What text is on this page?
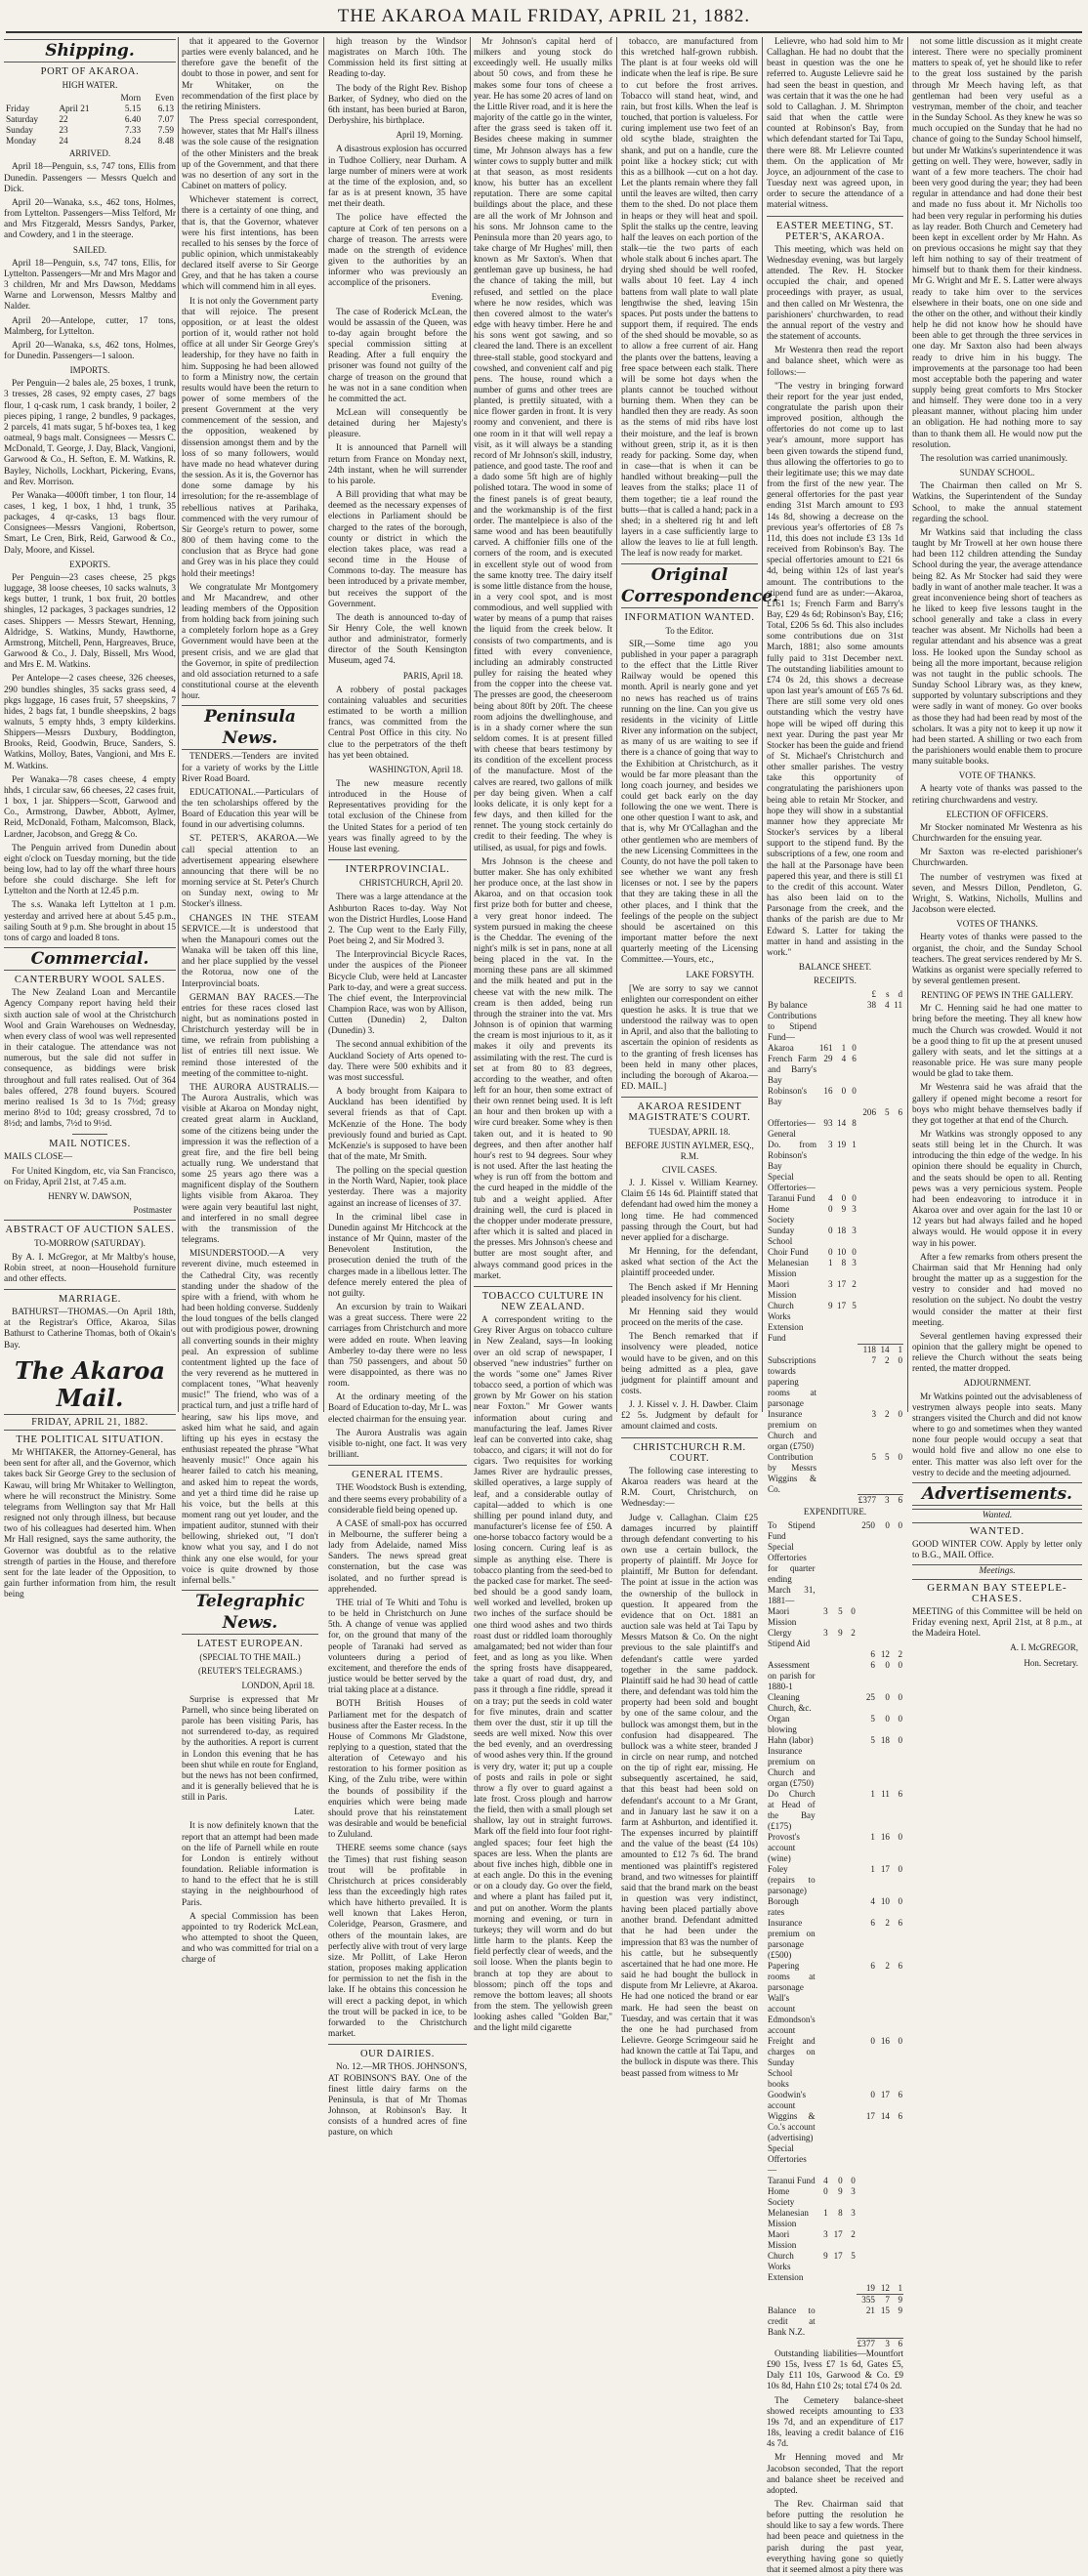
THE AKAROA MAIL FRIDAY, APRIL 21, 1882.
Shipping.
PORT OF AKAROA.
HIGH WATER.
		Morn	Even
Friday	April 21	5.15	6.13
Saturday	22	6.40	7.07
Sunday	23	7.33	7.59
Monday	24	8.24	8.48
ARRIVED.

April 18—Penguin, s.s, 747 tons, Ellis from Dunedin. Passengers — Messrs Quelch and Dick.

April 20—Wanaka, s.s., 462 tons, Holmes, from Lyttelton. Passengers—Miss Telford, Mr and Mrs Fitzgerald, Messrs Sandys, Parker, and Cowdery, and 1 in the steerage.

SAILED.

April 18—Penguin, s.s, 747 tons, Ellis, for Lyttelton. Passengers—Mr and Mrs Magor and 3 children, Mr and Mrs Dawson, Meddams Warne and Lorwenson, Messrs Maltby and Nalder.

April 20—Antelope, cutter, 17 tons, Malmberg, for Lyttelton.

April 20—Wanaka, s.s, 462 tons, Holmes, for Dunedin. Passengers—1 saloon.

IMPORTS.

Per Penguin—2 bales ale, 25 boxes, 1 trunk, 3 tresses, 28 cases, 92 empty cases, 27 bags flour, 1 q-cask rum, 1 cask brandy, 1 boiler, 2 pieces piping, 1 range, 2 bundles, 9 packages, 2 parcels, 41 mats sugar, 5 hf-boxes tea, 1 keg oatmeal, 9 bags malt. Consignees — Messrs C. McDonald, T. George, J. Day, Black, Vangioni, Garwood & Co., H. Sefton, E. M. Watkins, R. Bayley, Nicholls, Lockhart, Pickering, Evans, and Rev. Morrison.

Per Wanaka—4000ft timber, 1 ton flour, 14 cases, 1 keg, 1 box, 1 hhd, 1 trunk, 35 packages, 4 qr-casks, 13 bags flour. Consignees—Messrs Vangioni, Robertson, Smart, Le Cren, Birk, Reid, Garwood & Co., Daly, Moore, and Kissel.

EXPORTS.

Per Penguin—23 cases cheese, 25 pkgs luggage, 38 loose cheeses, 10 sacks walnuts, 3 kegs butter, 1 trunk, 1 box fruit, 20 bottles shingles, 12 packages, 3 packages sundries, 12 cases. Shippers — Messrs Stewart, Henning, Aldridge, S. Watkins, Mundy, Hawthorne, Armstrong, Mitchell, Penn, Hargreaves, Bruce, Garwood & Co., J. Daly, Bissell, Mrs Wood, and Mrs E. M. Watkins.

Per Antelope—2 cases cheese, 326 cheeses, 290 bundles shingles, 35 sacks grass seed, 4 pkgs luggage, 16 cases fruit, 57 sheepskins, 7 hides, 2 bags fat, 1 bundle sheepskins, 2 bags walnuts, 5 empty hhds, 3 empty kilderkins. Shippers—Messrs Duxbury, Boddington, Brooks, Reid, Goodwin, Bruce, Sanders, S. Watkins, Molloy, Bates, Vangioni, and Mrs E. M. Watkins.

Per Wanaka—78 cases cheese, 4 empty hhds, 1 circular saw, 66 cheeses, 22 cases fruit, 1 box, 1 jar. Shippers—Scott, Garwood and Co., Armstrong, Dawber, Abbott, Aylmer, Reid, McDonald, Fotham, Malcomson, Black, Lardner, Jacobson, and Gregg & Co.

The Penguin arrived from Dunedin about eight o'clock on Tuesday morning, but the tide being low, had to lay off the wharf three hours before she could discharge. She left for Lyttelton and the North at 12.45 p.m.

The s.s. Wanaka left Lyttelton at 1 p.m. yesterday and arrived here at about 5.45 p.m., sailing South at 9 p.m. She brought in about 15 tons of cargo and loaded 8 tons.

Commercial.
CANTERBURY WOOL SALES.

The New Zealand Loan and Mercantile Agency Company report having held their sixth auction sale of wool at the Christchurch Wool and Grain Warehouses on Wednesday, when every class of wool was well represented in their catalogue. The attendance was not numerous, but the sale did not suffer in consequence, as biddings were brisk throughout and full rates realised. Out of 364 bales offered, 278 found buyers. Scoured merino realised 1s 3d to 1s 7½d; greasy merino 8½d to 10d; greasy crossbred, 7d to 8½d; and lambs, 7½d to 9½d.

MAIL NOTICES.

MAILS CLOSE—

For United Kingdom, etc, via San Francisco, on Friday, April 21st, at 7.45 a.m.

HENRY W. DAWSON,
Postmaster
ABSTRACT OF AUCTION SALES.
TO-MORROW (SATURDAY).

By A. I. McGregor, at Mr Maltby's house, Robin street, at noon—Household furniture and other effects.

MARRIAGE.

BATHURST—THOMAS.—On April 18th, at the Registrar's Office, Akaroa, Silas Bathurst to Catherine Thomas, both of Okain's Bay.

The Akaroa Mail.
FRIDAY, APRIL 21, 1882.
THE POLITICAL SITUATION.

Mr WHITAKER, the Attorney-General, has been sent for after all, and the Governor, which takes back Sir George Grey to the seclusion of Kawau, will bring Mr Whitaker to Wellington, where he will reconstruct the Ministry. Some telegrams from Wellington say that Mr Hall resigned not only through illness, but because two of his colleagues had deserted him. When Mr Hall resigned, says the same authority, the Governor was doubtful as to the relative strength of parties in the House, and therefore sent for the late leader of the Opposition, to gain further information from him, the result being

that it appeared to the Governor parties were evenly balanced, and he therefore gave the benefit of the doubt to those in power, and sent for Mr Whitaker, on the recommendation of the first place by the retiring Ministers.

The Press special correspondent, however, states that Mr Hall's illness was the sole cause of the resignation of the other Ministers and the break up of the Government, and that there was no desertion of any sort in the Cabinet on matters of policy.

Whichever statement is correct, there is a certainty of one thing, and that is, that the Governor, whatever were his first intentions, has been recalled to his senses by the force of public opinion, which unmistakeably declared itself averse to Sir George Grey, and that he has taken a course which will commend him in all eyes.

It is not only the Government party that will rejoice. The present opposition, or at least the oldest portion of it, would rather not hold office at all under Sir George Grey's leadership, for they have no faith in him. Supposing he had been allowed to form a Ministry now, the certain results would have been the return to power of some members of the present Government at the very commencement of the session, and the opposition, weakened by dissension amongst them and by the loss of so many followers, would have made no head whatever during the session. As it is, the Governor has done some damage by his irresolution; for the re-assemblage of rebellious natives at Parihaka, commenced with the very rumour of Sir George's return to power, some 800 of them having come to the conclusion that as Bryce had gone and Grey was in his place they could hold their meetings!

We congratulate Mr Montgomery and Mr Macandrew, and other leading members of the Opposition from holding back from joining such a completely forlorn hope as a Grey Government would have been at the present crisis, and we are glad that the Governor, in spite of predilection and old association returned to a safe constitutional course at the eleventh hour.

Peninsula News.

TENDERS.—Tenders are invited for a variety of works by the Little River Road Board.

EDUCATIONAL.—Particulars of the ten scholarships offered by the Board of Education this year will be found in our advertising columns.

ST. PETER'S, AKAROA.—We call special attention to an advertisement appearing elsewhere announcing that there will be no morning service at St. Peter's Church on Sunday next, owing to Mr Stocker's illness.

CHANGES IN THE STEAM SERVICE.—It is understood that when the Manapouri comes out the Wanaka will be taken off this line, and her place supplied by the vessel the Rotorua, now one of the Interprovincial boats.

GERMAN BAY RACES.—The entries for these races closed last night, but as nominations posted in Christchurch yesterday will be in time, we refrain from publishing a list of entries till next issue. We remind those interested of the meeting of the committee to-night.

THE AURORA AUSTRALIS.—The Aurora Australis, which was visible at Akaroa on Monday night, created great alarm in Auckland, some of the citizens being under the impression it was the reflection of a great fire, and the fire bell being actually rung. We understand that some 25 years ago there was a magnificent display of the Southern lights visible from Akaroa. They were again very beautiful last night, and interfered in no small degree with the transmission of the telegrams.

MISUNDERSTOOD.—A very reverent divine, much esteemed in the Cathedral City, was recently standing under the shadow of the spire with a friend, with whom he had been holding converse. Suddenly the loud tongues of the bells clanged out with prodigious power, drowning all converting sounds in their mighty peal. An expression of sublime contentment lighted up the face of the very reverend as he muttered in complacent tones, "What heavenly music!" The friend, who was of a practical turn, and just a trifle hard of hearing, saw his lips move, and asked him what he said, and again lifting up his eyes in ecstasy the enthusiast repeated the phrase "What heavenly music!" Once again his hearer failed to catch his meaning, and asked him to repeat the words, and yet a third time did he raise up his voice, but the bells at this moment rang out yet louder, and the impatient auditor, stunned with their bellowing, shrieked out, "I don't know what you say, and I do not think any one else would, for your voice is quite drowned by those infernal bells."

Telegraphic News.
LATEST EUROPEAN.
(SPECIAL TO THE MAIL.)
(REUTER'S TELEGRAMS.)
LONDON, April 18.

Surprise is expressed that Mr Parnell, who since being liberated on parole has been visiting Paris, has not surrendered to-day, as required by the authorities. A report is current in London this evening that he has been shut while en route for England, but the news has not been confirmed, and it is generally believed that he is still in Paris.

Later.

It is now definitely known that the report that an attempt had been made on the life of Parnell while en route for London is entirely without foundation. Reliable information is to hand to the effect that he is still staying in the neighbourhood of Paris.

A special Commission has been appointed to try Roderick McLean, who attempted to shoot the Queen, and who was committed for trial on a charge of

high treason by the Windsor magistrates on March 10th. The Commission held its first sitting at Reading to-day.

The body of the Right Rev. Bishop Barker, of Sydney, who died on the 6th instant, has been buried at Baron, Derbyshire, his birthplace.

April 19, Morning.

A disastrous explosion has occurred in Tudhoe Colliery, near Durham. A large number of miners were at work at the time of the explosion, and, so far as is at present known, 35 have met their death.

The police have effected the capture at Cork of ten persons on a charge of treason. The arrests were made on the strength of evidence given to the authorities by an informer who was previously an accomplice of the prisoners.

Evening.

The case of Roderick McLean, the would be assassin of the Queen, was to-day again brought before the special commission sitting at Reading. After a full enquiry the prisoner was found not guilty of the charge of treason on the ground that he was not in a sane condition when he committed the act.

McLean will consequently be detained during her Majesty's pleasure.

It is announced that Parnell will return from France on Monday next, 24th instant, when he will surrender to his parole.

A Bill providing that what may be deemed as the necessary expenses of elections in Parliament should be charged to the rates of the borough, county or district in which the election takes place, was read a second time in the House of Commons to-day. The measure has been introduced by a private member, but receives the support of the Government.

The death is announced to-day of Sir Henry Cole, the well known author and administrator, formerly director of the South Kensington Museum, aged 74.

PARIS, April 18.

A robbery of postal packages containing valuables and securities estimated to be worth a million francs, was committed from the Central Post Office in this city. No clue to the perpetrators of the theft has yet been obtained.

WASHINGTON, April 18.

The new measure recently introduced in the House of Representatives providing for the total exclusion of the Chinese from the United States for a period of ten years was finally agreed to by the House last evening.

INTERPROVINCIAL.
CHRISTCHURCH, April 20.

There was a large attendance at the Ashburton Races to-day. Way Not won the District Hurdles, Loose Hand 2. The Cup went to the Early Filly, Poet being 2, and Sir Modred 3.

The Interprovincial Bicycle Races, under the auspices of the Pioneer Bicycle Club, were held at Lancaster Park to-day, and were a great success. The chief event, the Interprovincial Champion Race, was won by Allison, Cutten (Dunedin) 2, Dalton (Dunedin) 3.

The second annual exhibition of the Auckland Society of Arts opened to-day. There were 500 exhibits and it was most successful.

A body brought from Kaipara to Auckland has been identified by several friends as that of Capt. McKenzie of the Hone. The body previously found and buried as Capt. McKenzie's is supposed to have been that of the mate, Mr Smith.

The polling on the special question in the North Ward, Napier, took place yesterday. There was a majority against an increase of licenses of 37.

In the criminal libel case in Dunedin against Mr Hitchcock at the instance of Mr Quinn, master of the Benevolent Institution, the prosecution denied the truth of the charges made in a libellous letter. The defence merely entered the plea of not guilty.

An excursion by train to Waikari was a great success. There were 22 carriages from Christchurch and more were added en route. When leaving Amberley to-day there were no less than 750 passengers, and about 50 were disappointed, as there was no room.

At the ordinary meeting of the Board of Education to-day, Mr L. was elected chairman for the ensuing year.

The Aurora Australis was again visible to-night, one fact. It was very brilliant.

GENERAL ITEMS.

THE Woodstock Bush is extending, and there seems every probability of a considerable field being opened up.

A CASE of small-pox has occurred in Melbourne, the sufferer being a lady from Adelaide, named Miss Sanders. The news spread great consternation, but the case was isolated, and no further spread is apprehended.

THE trial of Te Whiti and Tohu is to be held in Christchurch on June 5th. A change of venue was applied for, on the ground that many of the people of Taranaki had served as volunteers during a period of excitement, and therefore the ends of justice would be better served by the trial taking place at a distance.

BOTH British Houses of Parliament met for the despatch of business after the Easter recess. In the House of Commons Mr Gladstone, replying to a question, stated that the alteration of Cetewayo and his restoration to his former position as King, of the Zulu tribe, were within the bounds of possibility if the enquiries which were being made should prove that his reinstatement was desirable and would be beneficial to Zululand.

THERE seems some chance (says the Times) that rust fishing season trout will be profitable in Christchurch at prices considerably less than the exceedingly high rates which have hitherto prevailed. It is well known that Lakes Heron, Coleridge, Pearson, Grasmere, and others of the mountain lakes, are perfectly alive with trout of very large size. Mr Pollitt, of Lake Heron station, proposes making application for permission to net the fish in the lake. If he obtains this concession he will erect a packing depot, in which the trout will be packed in ice, to be forwarded to the Christchurch market.

OUR DAIRIES.

No. 12.—MR THOS. JOHNSON'S, AT ROBINSON'S BAY. One of the finest little dairy farms on the Peninsula, is that of Mr Thomas Johnson, at Robinson's Bay. It consists of a hundred acres of fine pasture, on which

Mr Johnson's capital herd of milkers and young stock do exceedingly well. He usually milks about 50 cows, and from these he makes some four tons of cheese a year. He has some 20 acres of land on the Little River road, and it is here the majority of the cattle go in the winter, after the grass seed is taken off it. Besides cheese making in summer time, Mr Johnson always has a few winter cows to supply butter and milk at that season, as most residents know, his butter has an excellent reputation. There are some capital buildings about the place, and these are all the work of Mr Johnson and his sons. Mr Johnson came to the Peninsula more than 20 years ago, to take charge of Mr Hughes' mill, then known as Mr Saxton's. When that gentleman gave up business, he had the chance of taking the mill, but refused, and settled on the place where he now resides, which was then covered almost to the water's edge with heavy timber. Here he and his sons went got sawing, and so cleared the land. There is an excellent three-stall stable, good stockyard and cowshed, and convenient calf and pig pens. The house, round which a number of gums and other trees are planted, is prettily situated, with a nice flower garden in front. It is very roomy and convenient, and there is one room in it that will well repay a visit, as it will always be a standing record of Mr Johnson's skill, industry, patience, and good taste. The roof and a dado some 5ft high are of highly polished totara. The wood in some of the finest panels is of great beauty, and the workmanship is of the first order. The mantelpiece is also of the same wood and has been beautifully carved. A chiffonier fills one of the corners of the room, and is executed in excellent style out of wood from the same knotty tree. The dairy itself is some little distance from the house, in a very cool spot, and is most commodious, and well supplied with water by means of a pump that raises the liquid from the creek below. It consists of two compartments, and is fitted with every convenience, including an admirably constructed pulley for raising the heated whey from the copper into the cheese vat. The presses are good, the cheeseroom being about 80ft by 20ft. The cheese room adjoins the dwellinghouse, and is in a shady corner where the sun seldom comes. It is at present filled with cheese that bears testimony by its condition of the excellent process of the manufacture. Most of the calves are reared, two gallons of milk per day being given. When a calf looks delicate, it is only kept for a few days, and then killed for the rennet. The young stock certainly do credit to their feeding. The whey is utilised, as usual, for pigs and fowls.

Mrs Johnson is the cheese and butter maker. She has only exhibited her produce once, at the last show in Akaroa, and on that occasion took first prize both for butter and cheese, a very great honor indeed. The system pursued in making the cheese is the Cheddar. The evening of the night's milk is set in pans, none at all being placed in the vat. In the morning these pans are all skimmed and the milk heated and put in the cheese vat with the new milk. The cream is then added, being run through the strainer into the vat. Mrs Johnson is of opinion that warming the cream is most injurious to it, as it makes it oily and prevents its assimilating with the rest. The curd is set at from 80 to 83 degrees, according to the weather, and often left for an hour, then some extract of their own rennet being used. It is left an hour and then broken up with a wire curd breaker. Some whey is then taken out, and it is heated to 90 degrees, and then after another half hour's rest to 94 degrees. Sour whey is not used. After the last heating the whey is run off from the bottom and the curd heaped in the middle of the tub and a weight applied. After draining well, the curd is placed in the chopper under moderate pressure, after which it is salted and placed in the presses. Mrs Johnson's cheese and butter are most sought after, and always command good prices in the market.

TOBACCO CULTURE IN NEW ZEALAND.

A correspondent writing to the Grey River Argus on tobacco culture in New Zealand, says—In looking over an old scrap of newspaper, I observed "new industries" further on the words "some one" James River tobacco seed, a portion of which was grown by Mr Gower on his station near Foxton." Mr Gower wants information about curing and manufacturing the leaf. James River leaf can be converted into cake, shag tobacco, and cigars; it will not do for cigars. Two requisites for working James River are hydraulic presses, skilled operatives, a large supply of leaf, and a considerable outlay of capital—added to which is one shilling per pound inland duty, and manufacturer's license fee of £50. A one-horse tobacco factory would be a losing concern. Curing leaf is as simple as anything else. There is tobacco planting from the seed-bed to the packed case for market. The seed-bed should be a good sandy loam, well worked and levelled, broken up two inches of the surface should be one third wood ashes and two thirds roast dust or riddled loam thoroughly amalgamated; bed not wider than four feet, and as long as you like. When the spring frosts have disappeared, take a quart of road dust, dry, and pass it through a fine riddle, spread it on a tray; put the seeds in cold water for five minutes, drain and scatter them over the dust, stir it up till the seeds are well mixed. Now this over the bed evenly, and an overdressing of wood ashes very thin. If the ground is very dry, water it; put up a couple of posts and rails in pole or sight throw a fly over to guard against a late frost. Cross plough and harrow the field, then with a small plough set shallow, lay out in straight furrows. Mark off the field into four foot right-angled spaces; four feet high the spaces are less. When the plants are about five inches high, dibble one in at each angle. Do this in the evening or on a cloudy day. Go over the field, and where a plant has failed put it, and put on another. Worm the plants morning and evening, or turn in turkeys; they will worm and do but little harm to the plants. Keep the field perfectly clear of weeds, and the soil loose. When the plants begin to branch at top they are about to blossom; pinch off the tops and remove the bottom leaves; all shoots from the stem. The yellowish green looking ashes called "Golden Bar," and the light mild cigarette

tobacco, are manufactured from this wretched half-grown rubbish. The plant is at four weeks old will indicate when the leaf is ripe. Be sure to cut before the frost arrives. Tobacco will stand heat, wind, and rain, but frost kills. When the leaf is touched, that portion is valueless. For curing implement use two feet of an old scythe blade, straighten the shank, and put on a handle, cure the point like a hockey stick; cut with this as a billhook —cut on a hot day. Let the plants remain where they fall until the leaves are wilted, then carry them to the shed. Do not place them in heaps or they will heat and spoil. Split the stalks up the centre, leaving half the leaves on each portion of the stalk—tie the two parts of each whole stalk about 6 inches apart. The drying shed should be well roofed, walls about 10 feet. Lay 4 inch battens from wall plate to wall plate lengthwise the shed, leaving 15in spaces. Put posts under the battens to support them, if required. The ends of the shed should be movable, so as to allow a free current of air. Hang the plants over the battens, leaving a free space between each stalk. There will be some hot days when the plants cannot be touched without burning them. When they can be handled then they are ready. As soon as the stems of mid ribs have lost their moisture, and the leaf is brown without green, strip it, as it is then ready for packing. Some day, when in case—that is when it can be handled without breaking—pull the leaves from the stalks; place 11 of them together; tie a leaf round the butts—that is called a hand; pack in a shed; in a sheltered rig ht and left layers in a case sufficiently large to allow the leaves to lie at full length. The leaf is now ready for market.

Original Correspondence.
INFORMATION WANTED.
To the Editor.

SIR,—Some time ago you published in your paper a paragraph to the effect that the Little River Railway would be opened this month. April is nearly gone and yet no news has reached us of trains running on the line. Can you give us residents in the vicinity of Little River any information on the subject, as many of us are waiting to see if there is a chance of going that way to the Exhibition at Christchurch, as it would be far more pleasant than the long coach journey, and besides we could get back early on the day following the one we went. There is one other question I want to ask, and that is, why Mr O'Callaghan and the other gentlemen who are members of the new Licensing Committees in the County, do not have the poll taken to see whether we want any fresh licenses or not. I see by the papers that they are taking these in all the other places, and I think that the feelings of the people on the subject should be ascertained on this important matter before the next quarterly meeting of the Licensing Committee.—Yours, etc.,

LAKE FORSYTH.

[We are sorry to say we cannot enlighten our correspondent on either question he asks. It is true that we understood the railway was to open in April, and also that the balloting to ascertain the opinion of residents as to the granting of fresh licenses has been held in many other places, including the borough of Akaroa.—ED. MAIL.]

AKAROA RESIDENT MAGISTRATE'S COURT.
TUESDAY, APRIL 18.
BEFORE JUSTIN AYLMER, ESQ., R.M.
CIVIL CASES.

J. J. Kissel v. William Kearney. Claim £6 14s 6d. Plaintiff stated that defendant had owed him the money a long time. He had commenced passing through the Court, but had never applied for a discharge.

Mr Henning, for the defendant, asked what section of the Act the plaintiff proceeded under.

The Bench asked if Mr Henning pleaded insolvency for his client.

Mr Henning said they would proceed on the merits of the case.

The Bench remarked that if insolvency were pleaded, notice would have to be given, and on this being admitted as a plea, gave judgment for plaintiff amount and costs.

J. J. Kissel v. J. H. Dawber. Claim £2 5s. Judgment by default for amount claimed and costs.

CHRISTCHURCH R.M. COURT.

The following case interesting to Akaroa readers was heard at the R.M. Court, Christchurch, on Wednesday:—

Judge v. Callaghan. Claim £25 damages incurred by plaintiff through defendant converting to his own use a certain bullock, the property of plaintiff. Mr Joyce for plaintiff, Mr Button for defendant. The point at issue in the action was the ownership of the bullock in question. It appeared from the evidence that on Oct. 1881 an auction sale was held at Tai Tapu by Messrs Matson & Co. On the night previous to the sale plaintiff's and defendant's cattle were yarded together in the same paddock. Plaintiff said he had 30 head of cattle there, and defendant was told him the property had been sold and bought by one of the same colour, and the bullock was amongst them, but in the confusion had disappeared. The bullock was a white steer, branded J in circle on near rump, and notched on the tip of right ear, missing. He subsequently ascertained, he said, that this beast had been sold on defendant's account to a Mr Grant, and in January last he saw it on a farm at Ashburton, and identified it. The expenses incurred by plaintiff and the value of the beast (£4 10s) amounted to £12 7s 6d. The brand mentioned was plaintiff's registered brand, and two witnesses for plaintiff said that the brand mark on the beast in question was very indistinct, having been placed partially above another brand. Defendant admitted that he had been under the impression that 83 was the number of his cattle, but he subsequently ascertained that he had one more. He said he had bought the bullock in dispute from Mr Lelievre, at Akaroa. He had one noticed the brand or ear mark. He had seen the beast on Tuesday, and was certain that it was the one he had purchased from Lelievre. George Scrimgeour said he had known the cattle at Tai Tapu, and the bullock in dispute was there. This beast passed from witness to Mr

Lelievre, who had sold him to Mr Callaghan. He had no doubt that the beast in question was the one he referred to. Auguste Lelievre said he had seen the beast in question, and was certain that it was the one he had sold to Callaghan. J. M. Shrimpton said that when the cattle were counted at Robinson's Bay, from which defendant started for Tai Tapu, there were 88. Mr Lelievre counted them. On the application of Mr Joyce, an adjournment of the case to Tuesday next was agreed upon, in order to secure the attendance of a material witness.

EASTER MEETING, ST. PETER'S, AKAROA.

This meeting, which was held on Wednesday evening, was but largely attended. The Rev. H. Stocker occupied the chair, and opened proceedings with prayer, as usual, and then called on Mr Westenra, the parishioners' churchwarden, to read the annual report of the vestry and the statement of accounts.

Mr Westenra then read the report and balance sheet, which were as follows:—

"The vestry in bringing forward their report for the year just ended, congratulate the parish upon their improved position, although the offertories do not come up to last year's amount, more support has been given towards the stipend fund, thus allowing the offertories to go to their legitimate use; this we may date from the first of the new year. The general offertories for the past year ending 31st March amount to £93 14s 8d, showing a decrease on the previous year's offertories of £8 7s 11d, this does not include £3 13s 1d received from Robinson's Bay. The special offertories amount to £21 6s 4d, being within 12s of last year's amount. The contributions to the stipend fund are as under:—Akaroa, £161 1s; French Farm and Barry's Bay, £29 4s 6d; Robinson's Bay, £16; Total, £206 5s 6d. This also includes some contributions due on 31st March, 1881; also some amounts fully paid to 31st December next. The outstanding liabilities amount to £74 0s 2d, this shows a decrease upon last year's amount of £65 7s 6d. There are still some very old ones outstanding which the vestry have hope will be wiped off during this next year. During the past year Mr Stocker has been the guide and friend of St. Michael's Christchurch and other smaller parishes. The vestry take this opportunity of congratulating the parishioners upon being able to retain Mr Stocker, and hope they will show in a substantial manner how they appreciate Mr Stocker's services by a liberal support to the stipend fund. By the subscriptions of a few, one room and the hall at the Parsonage have been papered this year, and there is still £1 to the credit of this account. Water has also been laid on to the Parsonage from the creek, and the thanks of the parish are due to Mr Edward S. Latter for taking the matter in hand and assisting in the work."

BALANCE SHEET.
RECEIPTS.
				£	s	d
By balance				38	4	11
Contributions to Stipend Fund—						
Akaroa	161	1	0			
French Farm and Barry's Bay	29	4	6			
Robinson's Bay	16	0	0			
				206	5	6
Offertories—General	93	14	8			
Do. from Robinson's Bay	3	19	1			
Special Offertories—						
Taranui Fund	4	0	0			
Home Society	0	9	3			
Sunday School	0	18	3			
Choir Fund	0	10	0			
Melanesian Mission	1	8	3			
Maori Mission	3	17	2			
Church Works Extension Fund	9	17	5			
				118	14	1
Subscriptions towards papering rooms at parsonage				7	2	0
Insurance premium on Church and organ (£750)				3	2	0
Contribution by Messrs Wiggins & Co.				5	5	0
				£377	3	6
EXPENDITURE.
To Stipend Fund				250	0	0
Special Offertories for quarter ending March 31, 1881—						
Maori Mission	3	5	0			
Clergy Stipend Aid	3	9	2			
				6	12	2
Assessment on parish for 1880-1				6	0	0
Cleaning Church, &c.				25	0	0
Organ blowing				5	0	0
Hahn (labor)				5	18	0
Insurance premium on Church and organ (£750)						
Do Church at Head of the Bay (£175)				1	11	6
Provost's account (wine)				1	16	0
Foley (repairs to parsonage)				1	17	0
Borough rates				4	10	0
Insurance premium on parsonage (£500)				6	2	6
Papering rooms at parsonage				6	2	6
Wall's account						
Edmondson's account						
Freight and charges on Sunday School books				0	16	0
Goodwin's account				0	17	6
Wiggins & Co.'s account (advertising)				17	14	6
Special Offertories—						
Taranui Fund	4	0	0			
Home Society	0	9	3			
Melanesian Mission	1	8	3			
Maori Mission	3	17	2			
Church Works Extension	9	17	5			
				19	12	1
				355	7	9
Balance to credit at Bank N.Z.				21	15	9
				£377	3	6

Outstanding liabilities—Mountfort £90 15s, Ivess £7 1s 6d, Gates £5, Daly £11 10s, Garwood & Co. £9 10s 8d, Hahn £10 2s; total £74 0s 2d.

The Cemetery balance-sheet showed receipts amounting to £33 19s 7d, and an expenditure of £17 18s, leaving a credit balance of £16 4s 7d.

Mr Henning moved and Mr Jacobson seconded, That the report and balance sheet be received and adopted.

The Rev. Chairman said that before putting the resolution he should like to say a few words. There had been peace and quietness in the parish during the past year, everything having gone so quietly that it seemed almost a pity there was

not some little discussion as it might create interest. There were no specially prominent matters to speak of, yet he should like to refer to the great loss sustained by the parish through Mr Meech having left, as that gentleman had been very useful as a vestryman, member of the choir, and teacher in the Sunday School. As they knew he was so much occupied on the Sunday that he had no chance of going to the Sunday School himself, but under Mr Watkins's superintendence it was getting on well. They were, however, sadly in want of a few more teachers. The choir had been very good during the year; they had been regular in attendance and had done their best and made no fuss about it. Mr Nicholls too had been very regular in performing his duties as lay reader. Both Church and Cemetery had been kept in excellent order by Mr Hahn. As on previous occasions he might say that they left him nothing to say of their treatment of himself but to thank them for their kindness. Mr G. Wright and Mr E. S. Latter were always ready to take him over to the services elsewhere in their boats, one on one side and the other on the other, and without their kindly help he did not know how he should have been able to get through the three services in one day. Mr Saxton also had been always ready to drive him in his buggy. The improvements at the parsonage too had been most acceptable both the papering and water supply being great comforts to Mrs Stocker and himself. They were done too in a very pleasant manner, without placing him under an obligation. He had nothing more to say than to thank them all. He would now put the resolution.

The resolution was carried unanimously.

SUNDAY SCHOOL.

The Chairman then called on Mr S. Watkins, the Superintendent of the Sunday School, to make the annual statement regarding the school.

Mr Watkins said that including the class taught by Mr Trowell at her own house there had been 112 children attending the Sunday School during the year, the average attendance being 82. As Mr Stocker had said they were badly in want of another male teacher. It was a great inconvenience being short of teachers as he liked to keep five lessons taught in the school generally and take a class in every teacher was absent. Mr Nicholls had been a regular attendant and his absence was a great loss. He looked upon the Sunday school as being all the more important, because religion was not taught in the public schools. The Sunday School Library was, as they knew, supported by voluntary subscriptions and they were sadly in want of money. Go over books as those they had had been read by most of the scholars. It was a pity not to keep it up now it had been started. A shilling or two each from the parishioners would enable them to procure many suitable books.

VOTE OF THANKS.

A hearty vote of thanks was passed to the retiring churchwardens and vestry.

ELECTION OF OFFICERS.

Mr Stocker nominated Mr Westenra as his Churchwarden for the ensuing year.

Mr Saxton was re-elected parishioner's Churchwarden.

The number of vestrymen was fixed at seven, and Messrs Dillon, Pendleton, G. Wright, S. Watkins, Nicholls, Mullins and Jacobson were elected.

VOTES OF THANKS.

Hearty votes of thanks were passed to the organist, the choir, and the Sunday School teachers. The great services rendered by Mr S. Watkins as organist were specially referred to by several gentlemen present.

RENTING OF PEWS IN THE GALLERY.

Mr C. Henning said he had one matter to bring before the meeting. They all knew how much the Church was crowded. Would it not be a good thing to fit up the at present unused gallery with seats, and let the sittings at a reasonable price. He was sure many people would be glad to take them.

Mr Westenra said he was afraid that the gallery if opened might become a resort for boys who might behave themselves badly if they got together at that end of the Church.

Mr Watkins was strongly opposed to any seats still being let in the Church. It was introducing the thin edge of the wedge. In his opinion there should be equality in Church, and the seats should be open to all. Renting pews was a very pernicious system. People had been endeavoring to introduce it in Akaroa over and over again for the last 10 or 12 years but had always failed and he hoped always would. He would oppose it in every way in his power.

After a few remarks from others present the Chairman said that Mr Henning had only brought the matter up as a suggestion for the vestry to consider and had moved no resolution on the subject. No doubt the vestry would consider the matter at their first meeting.

Several gentlemen having expressed their opinion that the gallery might be opened to relieve the Church without the seats being rented, the matter dropped.

ADJOURNMENT.

Mr Watkins pointed out the advisableness of vestrymen always people into seats. Many strangers visited the Church and did not know where to go and sometimes when they wanted none four people would occupy a seat that would hold five and allow no one else to enter. This matter was also left over for the vestry to decide and the meeting adjourned.

Advertisements.
Wanted.
WANTED.

GOOD WINTER COW. Apply by letter only to B.G., MAIL Office.

Meetings.
GERMAN BAY STEEPLE-CHASES.

MEETING of this Committee will be held on Friday evening next, April 21st, at 8 p.m., at the Madeira Hotel.

A. I. McGREGOR,
Hon. Secretary.
